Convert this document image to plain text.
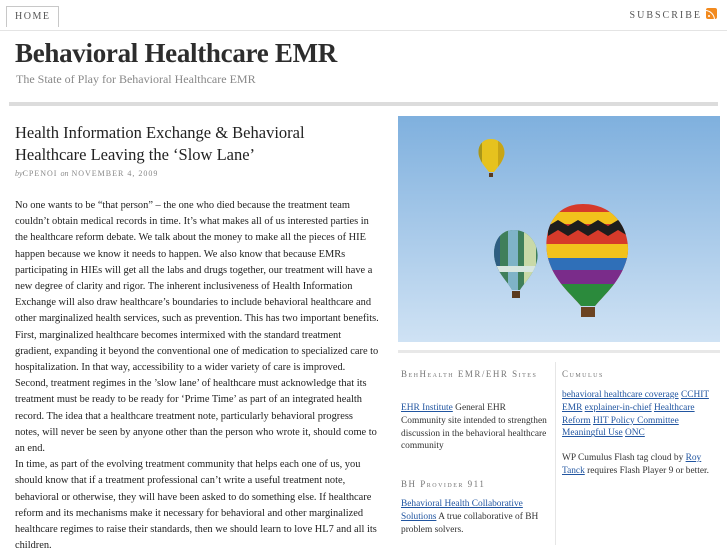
HOME	SUBSCRIBE
Behavioral Healthcare EMR
The State of Play for Behavioral Healthcare EMR
Health Information Exchange & Behavioral Healthcare Leaving the ‘Slow Lane’
byCPENOI on NOVEMBER 4, 2009

No one wants to be “that person” – the one who died because the treatment team couldn’t obtain medical records in time. It’s what makes all of us interested parties in the healthcare reform debate. We talk about the money to make all the pieces of HIE happen because we know it needs to happen. We also know that because EMRs participating in HIEs will get all the labs and drugs together, our treatment will have a new degree of clarity and rigor. The inherent inclusiveness of Health Information Exchange will also draw healthcare’s boundaries to include behavioral healthcare and other marginalized health services, such as prevention. This has two important benefits. First, marginalized healthcare becomes intermixed with the standard treatment gradient, expanding it beyond the conventional one of medication to specialized care to hospitalization. In that way, accessibility to a wider variety of care is improved.

Second, treatment regimes in the ’slow lane’ of healthcare must acknowledge that its treatment must be ready to be ready for ‘Prime Time’ as part of an integrated health record. The idea that a healthcare treatment note, particularly behavioral progress notes, will never be seen by anyone other than the person who wrote it, should come to an end.

In time, as part of the evolving treatment community that helps each one of us, you should know that if a treatment professional can’t write a useful treatment note, behavioral or otherwise, they will have been asked to do something else. If healthcare reform and its mechanisms make it necessary for behavioral and other marginalized healthcare regimes to raise their standards, then we should learn to love HL7 and all its children.

BehHealth EMR/EHR Sites
EHR Institute General EHR Community site intended to strengthen discussion in the behavioral healthcare community
BH Provider 911
Behavioral Health Collaborative Solutions A true collaborative of BH problem solvers.
Cumulus
behavioral healthcare coverage CCHIT EMR explainer-in-chief Healthcare Reform HIT Policy Committee Meaningful Use ONC
WP Cumulus Flash tag cloud by Roy Tanck requires Flash Player 9 or better.
